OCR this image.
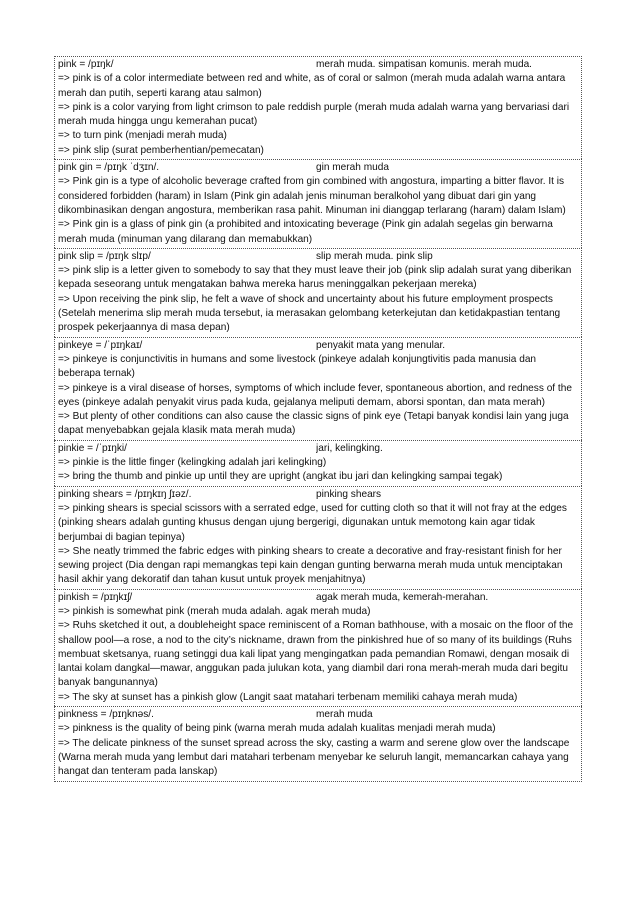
pink = /pɪŋk/	merah muda. simpatisan komunis. merah muda.
=> pink is of a color intermediate between red and white, as of coral or salmon (merah muda adalah warna antara merah dan putih, seperti karang atau salmon)
=> pink is a color varying from light crimson to pale reddish purple (merah muda adalah warna yang bervariasi dari merah muda hingga ungu kemerahan pucat)
=> to turn pink (menjadi merah muda)
=> pink slip (surat pemberhentian/pemecatan)
pink gin = /pɪŋk ˈdʒɪn/.	gin merah muda
=> Pink gin is a type of alcoholic beverage crafted from gin combined with angostura, imparting a bitter flavor. It is considered forbidden (haram) in Islam (Pink gin adalah jenis minuman beralkohol yang dibuat dari gin yang dikombinasikan dengan angostura, memberikan rasa pahit. Minuman ini dianggap terlarang (haram) dalam Islam)
=> Pink gin is a glass of pink gin (a prohibited and intoxicating beverage (Pink gin adalah segelas gin berwarna merah muda (minuman yang dilarang dan memabukkan)
pink slip = /pɪŋk slɪp/	slip merah muda. pink slip
=> pink slip is a letter given to somebody to say that they must leave their job (pink slip adalah surat yang diberikan kepada seseorang untuk mengatakan bahwa mereka harus meninggalkan pekerjaan mereka)
=> Upon receiving the pink slip, he felt a wave of shock and uncertainty about his future employment prospects (Setelah menerima slip merah muda tersebut, ia merasakan gelombang keterkejutan dan ketidakpastian tentang prospek pekerjaannya di masa depan)
pinkeye = /ˈpɪŋkaɪ/	penyakit mata yang menular.
=> pinkeye is conjunctivitis in humans and some livestock (pinkeye adalah konjungtivitis pada manusia dan beberapa ternak)
=> pinkeye is a viral disease of horses, symptoms of which include fever, spontaneous abortion, and redness of the eyes (pinkeye adalah penyakit virus pada kuda, gejalanya meliputi demam, aborsi spontan, dan mata merah)
=> But plenty of other conditions can also cause the classic signs of pink eye (Tetapi banyak kondisi lain yang juga dapat menyebabkan gejala klasik mata merah muda)
pinkie = /ˈpɪŋki/	jari, kelingking.
=> pinkie is the little finger (kelingking adalah jari kelingking)
=> bring the thumb and pinkie up until they are upright (angkat ibu jari dan kelingking sampai tegak)
pinking shears = /pɪŋkɪŋ ʃɪəz/.	pinking shears
=> pinking shears is special scissors with a serrated edge, used for cutting cloth so that it will not fray at the edges (pinking shears adalah gunting khusus dengan ujung bergerigi, digunakan untuk memotong kain agar tidak berjumbai di bagian tepinya)
=> She neatly trimmed the fabric edges with pinking shears to create a decorative and fray-resistant finish for her sewing project (Dia dengan rapi memangkas tepi kain dengan gunting berwarna merah muda untuk menciptakan hasil akhir yang dekoratif dan tahan kusut untuk proyek menjahitnya)
pinkish = /pɪŋkɪʃ/	agak merah muda, kemerah-merahan.
=> pinkish is somewhat pink (merah muda adalah. agak merah muda)
=> Ruhs sketched it out, a doubleheight space reminiscent of a Roman bathhouse, with a mosaic on the floor of the shallow pool—a rose, a nod to the city’s nickname, drawn from the pinkishred hue of so many of its buildings (Ruhs membuat sketsanya, ruang setinggi dua kali lipat yang mengingatkan pada pemandian Romawi, dengan mosaik di lantai kolam dangkal—mawar, anggukan pada julukan kota, yang diambil dari rona merah-merah muda dari begitu banyak bangunannya)
=> The sky at sunset has a pinkish glow (Langit saat matahari terbenam memiliki cahaya merah muda)
pinkness = /pɪŋknəs/.	merah muda
=> pinkness is the quality of being pink (warna merah muda adalah kualitas menjadi merah muda)
=> The delicate pinkness of the sunset spread across the sky, casting a warm and serene glow over the landscape (Warna merah muda yang lembut dari matahari terbenam menyebar ke seluruh langit, memancarkan cahaya yang hangat dan tenteram pada lanskap)
